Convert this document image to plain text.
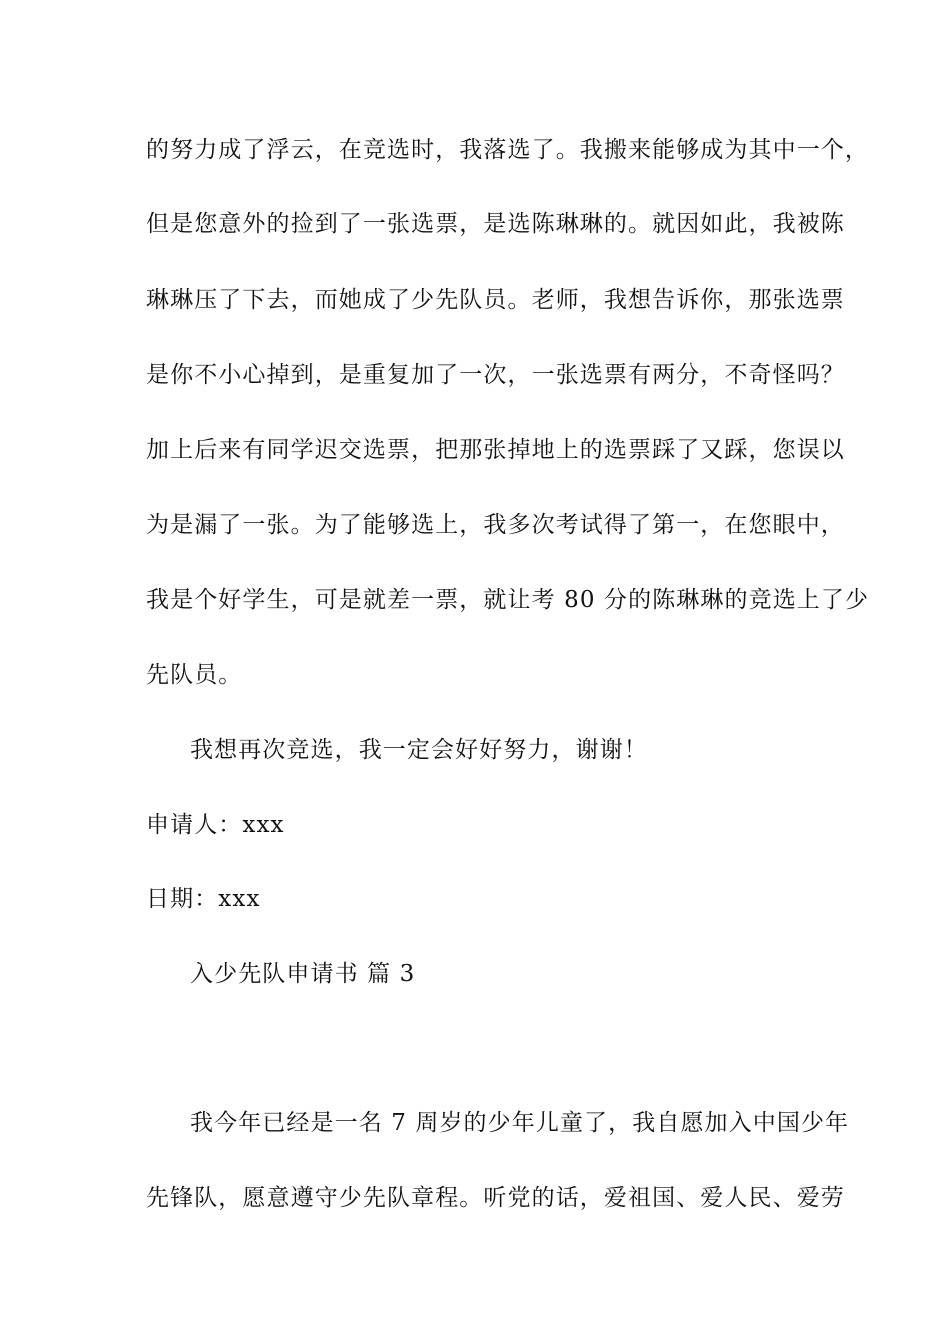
的努力成了浮云，在竞选时，我落选了。我搬来能够成为其中一个，
但是您意外的捡到了一张选票，是选陈琳琳的。就因如此，我被陈
琳琳压了下去，而她成了少先队员。老师，我想告诉你，那张选票
是你不小心掉到，是重复加了一次，一张选票有两分，不奇怪吗？
加上后来有同学迟交选票，把那张掉地上的选票踩了又踩，您误以
为是漏了一张。为了能够选上，我多次考试得了第一，在您眼中，
我是个好学生，可是就差一票，就让考 80 分的陈琳琳的竞选上了少
先队员。
我想再次竞选，我一定会好好努力，谢谢！
申请人：xxx
日期：xxx
入少先队申请书 篇 3
我今年已经是一名 7 周岁的少年儿童了，我自愿加入中国少年
先锋队，愿意遵守少先队章程。听党的话，爱祖国、爱人民、爱劳
